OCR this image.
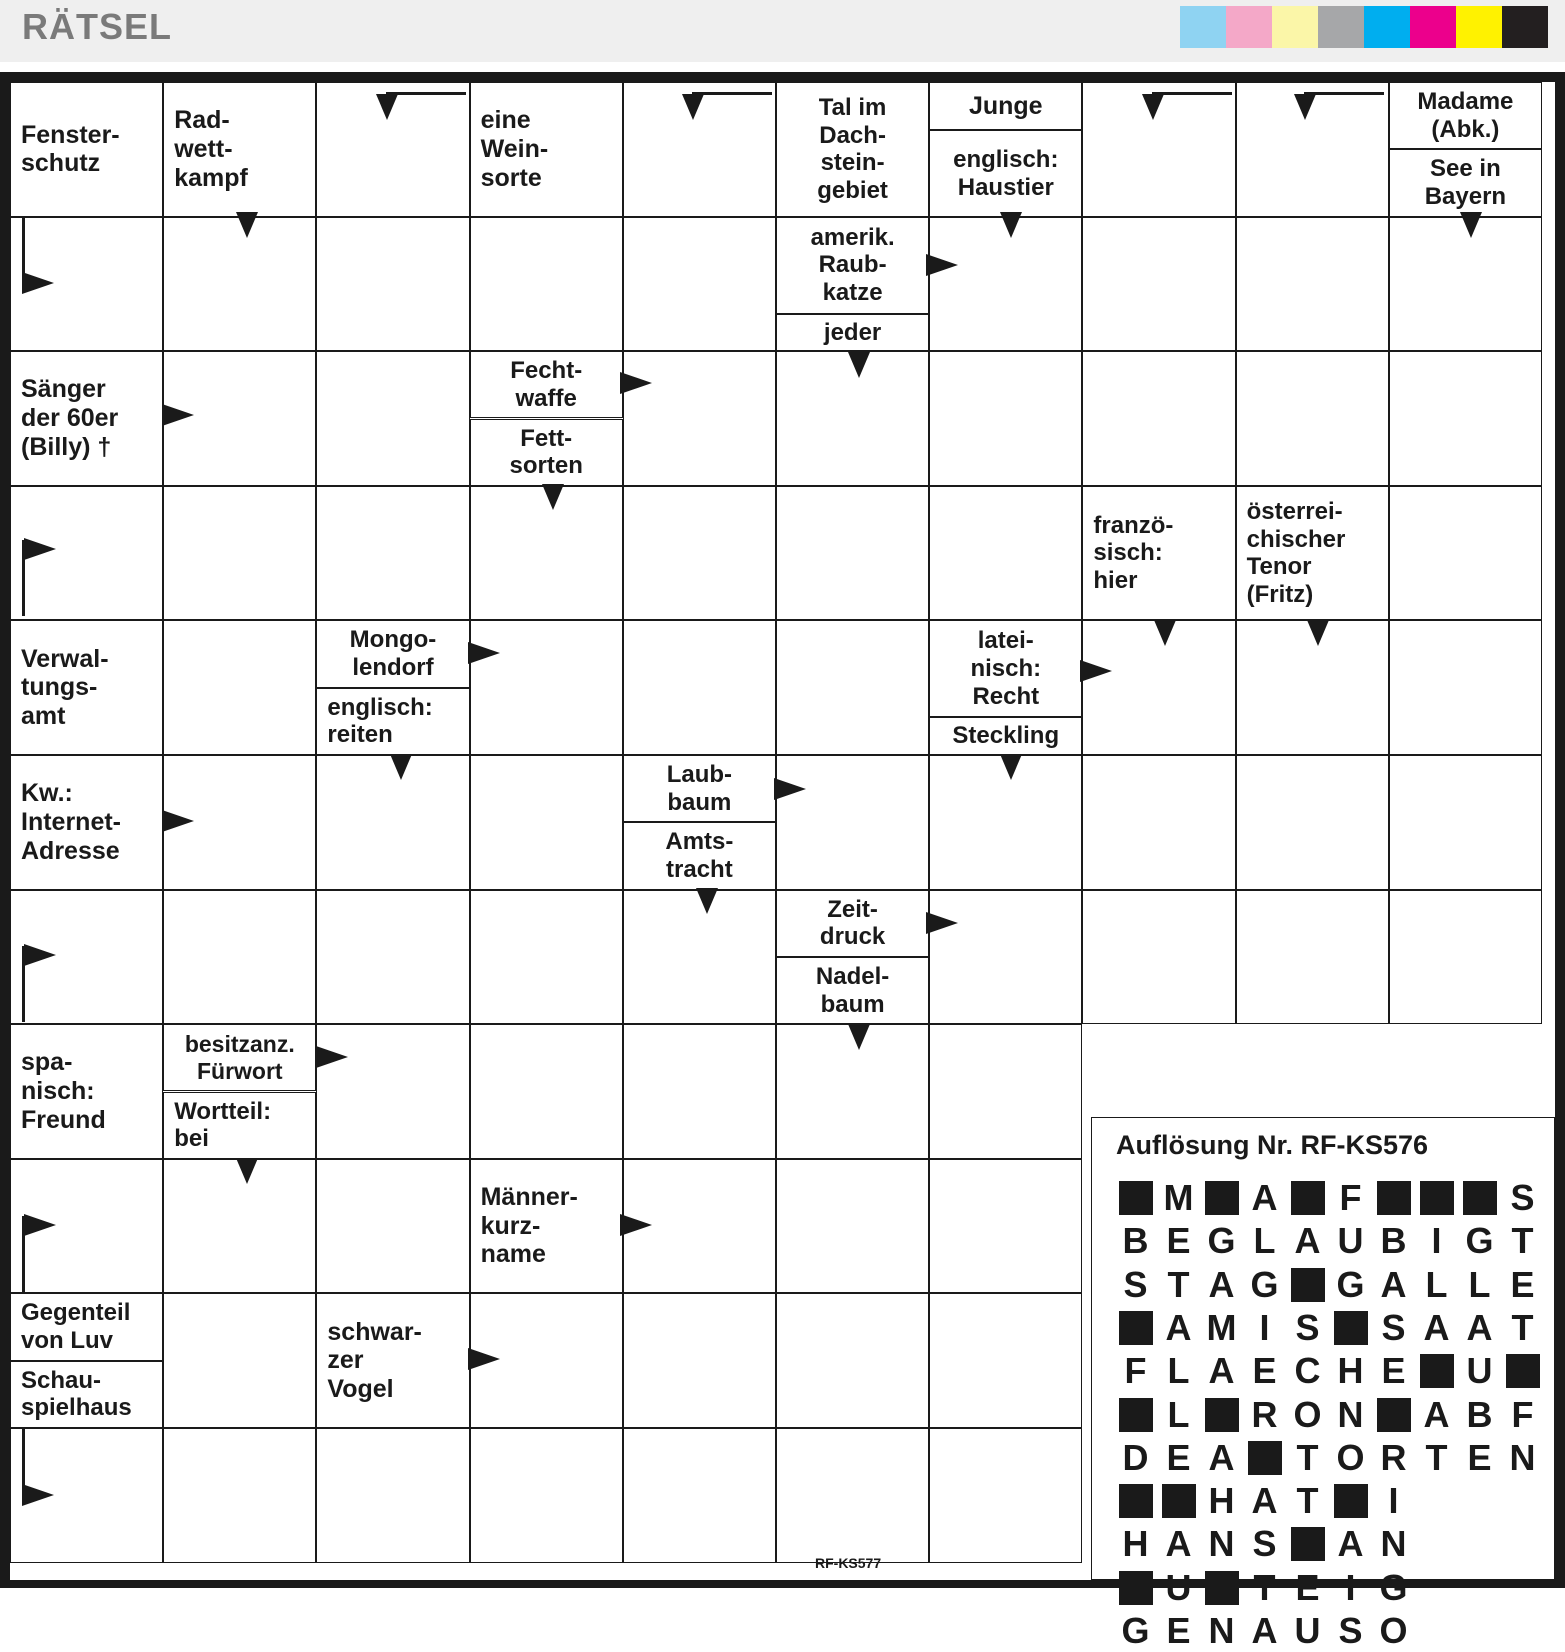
RÄTSEL
Fenster-
schutz
Rad-
wett-
kampf
eine
Wein-
sorte
Tal im
Dach-
stein-
gebiet
Junge
englisch:
Haustier
Madame
(Abk.)
See in
Bayern
amerik.
Raub-
katze
jeder
Sänger
der 60er
(Billy) †
Fecht-
waffe
Fett-
sorten
franzö-
sisch:
hier
österrei-
chischer
Tenor
(Fritz)
Verwal-
tungs-
amt
Mongo-
lendorf
englisch:
reiten
latei-
nisch:
Recht
Steckling
Kw.:
Internet-
Adresse
Laub-
baum
Amts-
tracht
Zeit-
druck
Nadel-
baum
spa-
nisch:
Freund
besitzanz.
Fürwort
Wortteil:
bei
Männer-
kurz-
name
Gegenteil
von Luv
Schau-
spielhaus
schwar-
zer
Vogel
Auflösung Nr. RF-KS576
M A F	S
B E G L A U B I G T
S T A G G A L L E
A M I S S A A T
F L A E C H E U
L R O N A B F
D E A T O R T E N
H A T	I
H A N S A N
U T E I G
G E N A U S O
RF-KS577
